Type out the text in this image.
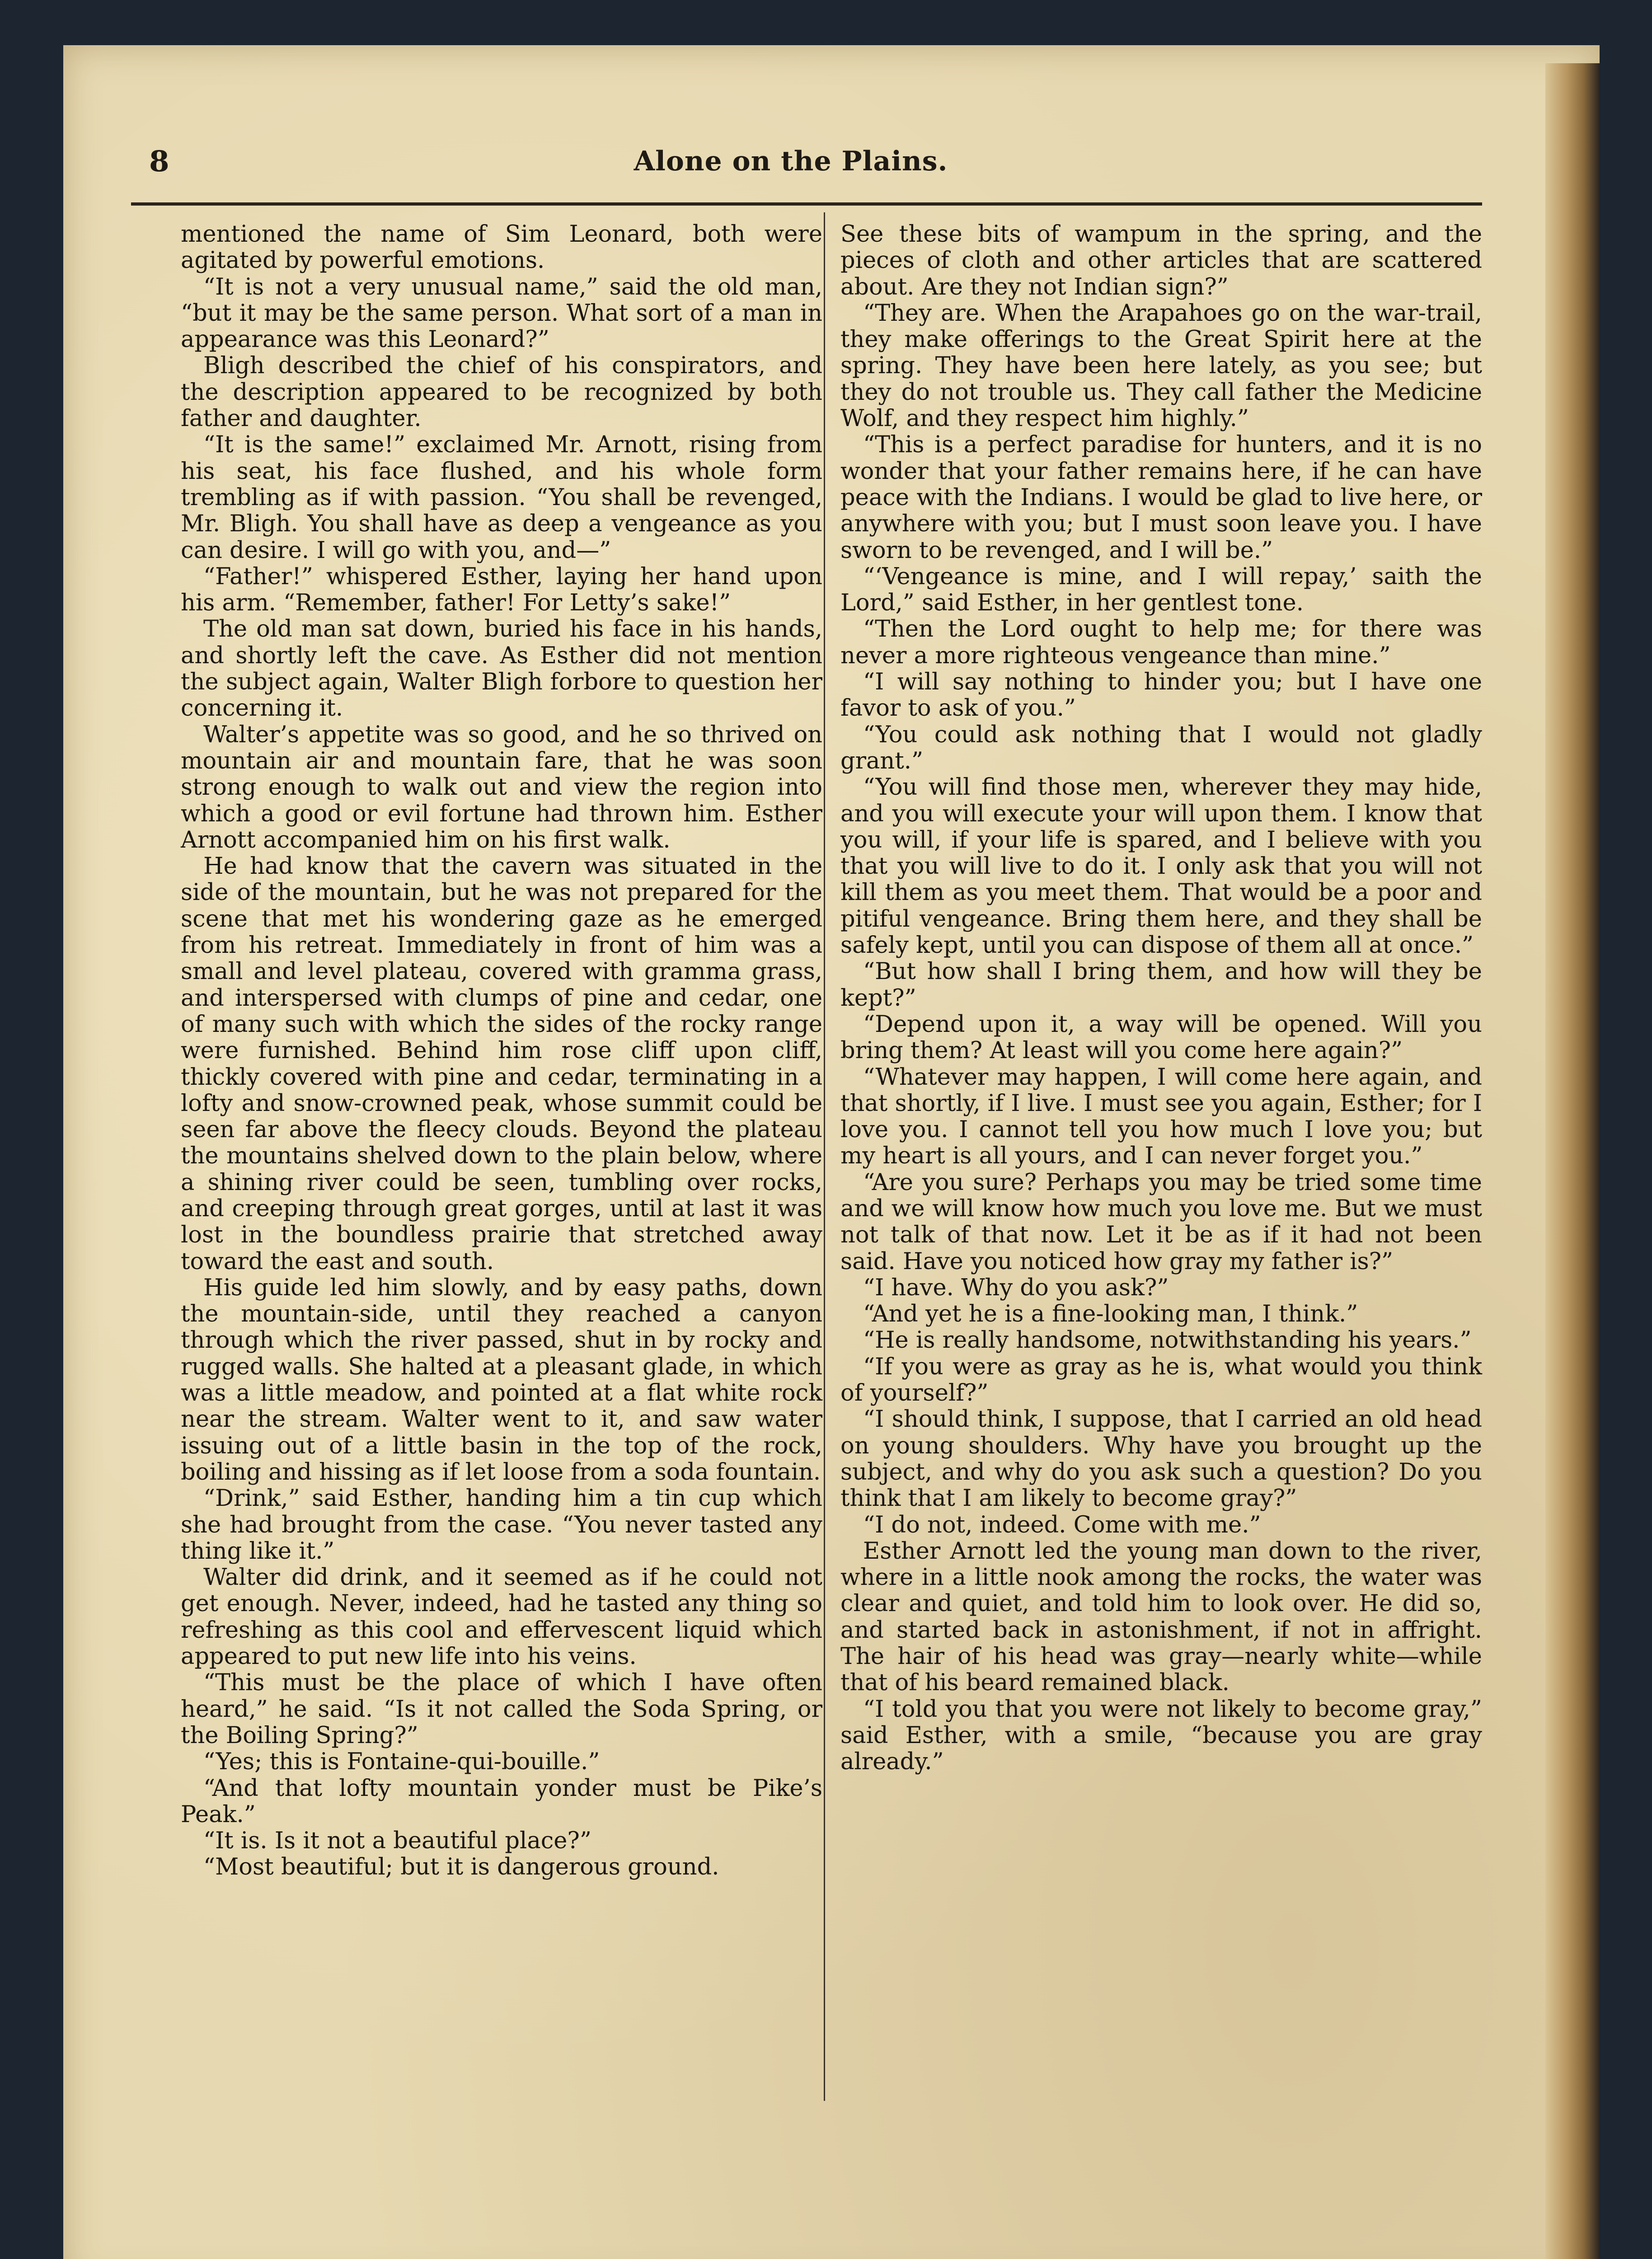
8	Alone on the Plains.

mentioned the name of Sim Leonard, both were agitated by powerful emotions.

“It is not a very unusual name,” said the old man, “but it may be the same person. What sort of a man in appearance was this Leonard?”

Bligh described the chief of his conspirators, and the description appeared to be recognized by both father and daughter.

“It is the same!” exclaimed Mr. Arnott, rising from his seat, his face flushed, and his whole form trembling as if with passion. “You shall be revenged, Mr. Bligh. You shall have as deep a vengeance as you can desire. I will go with you, and—”

“Father!” whispered Esther, laying her hand upon his arm. “Remember, father! For Letty’s sake!”

The old man sat down, buried his face in his hands, and shortly left the cave. As Esther did not mention the subject again, Walter Bligh forbore to question her concerning it.

Walter’s appetite was so good, and he so thrived on mountain air and mountain fare, that he was soon strong enough to walk out and view the region into which a good or evil fortune had thrown him. Esther Arnott accompanied him on his first walk.

He had know that the cavern was situated in the side of the mountain, but he was not prepared for the scene that met his wondering gaze as he emerged from his retreat. Immediately in front of him was a small and level plateau, covered with gramma grass, and interspersed with clumps of pine and cedar, one of many such with which the sides of the rocky range were furnished. Behind him rose cliff upon cliff, thickly covered with pine and cedar, terminating in a lofty and snow-crowned peak, whose summit could be seen far above the fleecy clouds. Beyond the plateau the mountains shelved down to the plain below, where a shining river could be seen, tumbling over rocks, and creeping through great gorges, until at last it was lost in the boundless prairie that stretched away toward the east and south.

His guide led him slowly, and by easy paths, down the mountain-side, until they reached a canyon through which the river passed, shut in by rocky and rugged walls. She halted at a pleasant glade, in which was a little meadow, and pointed at a flat white rock near the stream. Walter went to it, and saw water issuing out of a little basin in the top of the rock, boiling and hissing as if let loose from a soda fountain.

“Drink,” said Esther, handing him a tin cup which she had brought from the case. “You never tasted any thing like it.”

Walter did drink, and it seemed as if he could not get enough. Never, indeed, had he tasted any thing so refreshing as this cool and effervescent liquid which appeared to put new life into his veins.

“This must be the place of which I have often heard,” he said. “Is it not called the Soda Spring, or the Boiling Spring?”

“Yes; this is Fontaine-qui-bouille.”

“And that lofty mountain yonder must be Pike’s Peak.”

“It is. Is it not a beautiful place?”

“Most beautiful; but it is dangerous ground.

See these bits of wampum in the spring, and the pieces of cloth and other articles that are scattered about. Are they not Indian sign?”

“They are. When the Arapahoes go on the war-trail, they make offerings to the Great Spirit here at the spring. They have been here lately, as you see; but they do not trouble us. They call father the Medicine Wolf, and they respect him highly.”

“This is a perfect paradise for hunters, and it is no wonder that your father remains here, if he can have peace with the Indians. I would be glad to live here, or anywhere with you; but I must soon leave you. I have sworn to be revenged, and I will be.”

“‘Vengeance is mine, and I will repay,’ saith the Lord,” said Esther, in her gentlest tone.

“Then the Lord ought to help me; for there was never a more righteous vengeance than mine.”

“I will say nothing to hinder you; but I have one favor to ask of you.”

“You could ask nothing that I would not gladly grant.”

“You will find those men, wherever they may hide, and you will execute your will upon them. I know that you will, if your life is spared, and I believe with you that you will live to do it. I only ask that you will not kill them as you meet them. That would be a poor and pitiful vengeance. Bring them here, and they shall be safely kept, until you can dispose of them all at once.”

“But how shall I bring them, and how will they be kept?”

“Depend upon it, a way will be opened. Will you bring them? At least will you come here again?”

“Whatever may happen, I will come here again, and that shortly, if I live. I must see you again, Esther; for I love you. I cannot tell you how much I love you; but my heart is all yours, and I can never forget you.”

“Are you sure? Perhaps you may be tried some time and we will know how much you love me. But we must not talk of that now. Let it be as if it had not been said. Have you noticed how gray my father is?”

“I have. Why do you ask?”

“And yet he is a fine-looking man, I think.”

“He is really handsome, notwithstanding his years.”

“If you were as gray as he is, what would you think of yourself?”

“I should think, I suppose, that I carried an old head on young shoulders. Why have you brought up the subject, and why do you ask such a question? Do you think that I am likely to become gray?”

“I do not, indeed. Come with me.”

Esther Arnott led the young man down to the river, where in a little nook among the rocks, the water was clear and quiet, and told him to look over. He did so, and started back in astonishment, if not in affright. The hair of his head was gray—nearly white—while that of his beard remained black.

“I told you that you were not likely to become gray,” said Esther, with a smile, “because you are gray already.”
